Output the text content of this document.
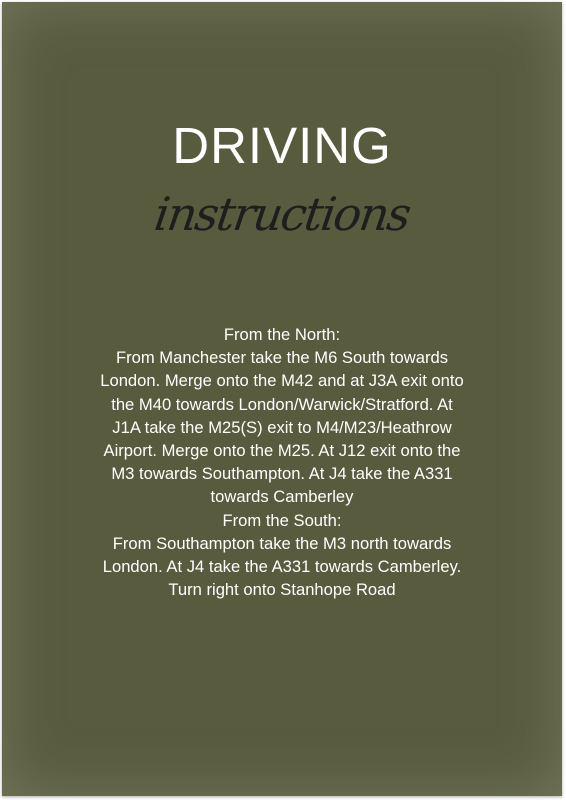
DRIVING
instructions
From the North:
From Manchester take the M6 South towards
London. Merge onto the M42 and at J3A exit onto
the M40 towards London/Warwick/Stratford. At
J1A take the M25(S) exit to M4/M23/Heathrow
Airport. Merge onto the M25. At J12 exit onto the
M3 towards Southampton. At J4 take the A331
towards Camberley
From the South:
From Southampton take the M3 north towards
London. At J4 take the A331 towards Camberley.
Turn right onto Stanhope Road
